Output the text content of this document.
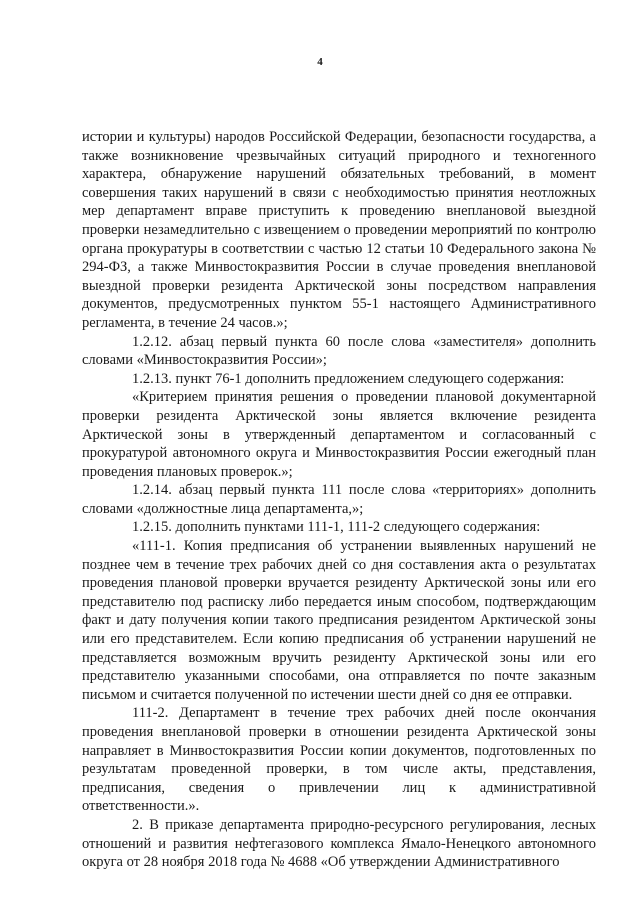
4

истории и культуры) народов Российской Федерации, безопасности государства, а также возникновение чрезвычайных ситуаций природного и техногенного характера, обнаружение нарушений обязательных требований, в момент совершения таких нарушений в связи с необходимостью принятия неотложных мер департамент вправе приступить к проведению внеплановой выездной проверки незамедлительно с извещением о проведении мероприятий по контролю органа прокуратуры в соответствии с частью 12 статьи 10 Федерального закона № 294-ФЗ, а также Минвостокразвития России в случае проведения внеплановой выездной проверки резидента Арктической зоны посредством направления документов, предусмотренных пунктом 55-1 настоящего Административного регламента, в течение 24 часов.»;

1.2.12. абзац первый пункта 60 после слова «заместителя» дополнить словами «Минвостокразвития России»;

1.2.13. пункт 76-1 дополнить предложением следующего содержания:

«Критерием принятия решения о проведении плановой документарной проверки резидента Арктической зоны является включение резидента Арктической зоны в утвержденный департаментом и согласованный с прокуратурой автономного округа и Минвостокразвития России ежегодный план проведения плановых проверок.»;

1.2.14. абзац первый пункта 111 после слова «территориях» дополнить словами «должностные лица департамента,»;

1.2.15. дополнить пунктами 111-1, 111-2 следующего содержания:

«111-1. Копия предписания об устранении выявленных нарушений не позднее чем в течение трех рабочих дней со дня составления акта о результатах проведения плановой проверки вручается резиденту Арктической зоны или его представителю под расписку либо передается иным способом, подтверждающим факт и дату получения копии такого предписания резидентом Арктической зоны или его представителем. Если копию предписания об устранении нарушений не представляется возможным вручить резиденту Арктической зоны или его представителю указанными способами, она отправляется по почте заказным письмом и считается полученной по истечении шести дней со дня ее отправки.

111-2. Департамент в течение трех рабочих дней после окончания проведения внеплановой проверки в отношении резидента Арктической зоны направляет в Минвостокразвития России копии документов, подготовленных по результатам проведенной проверки, в том числе акты, представления, предписания, сведения о привлечении лиц к административной ответственности.».

2. В приказе департамента природно-ресурсного регулирования, лесных отношений и развития нефтегазового комплекса Ямало-Ненецкого автономного округа от 28 ноября 2018 года № 4688 «Об утверждении Административного
